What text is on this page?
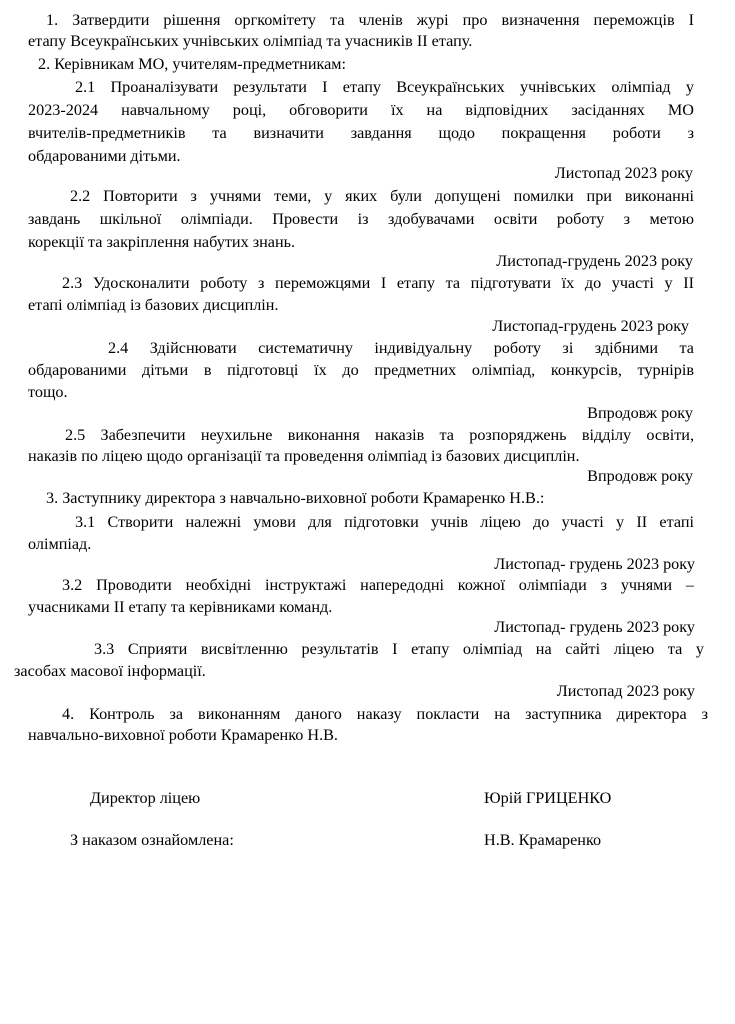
1. Затвердити рішення оргкомітету та членів журі про визначення переможців I
етапу Всеукраїнських учнівських олімпіад та учасників II етапу.
2. Керівникам МО, учителям-предметникам:
2.1 Проаналізувати результати I етапу Всеукраїнських учнівських олімпіад у
2023-2024 навчальному році, обговорити їх на відповідних засіданнях МО
вчителів-предметників та визначити завдання щодо покращення роботи з
обдарованими дітьми.
Листопад 2023 року
2.2 Повторити з учнями теми, у яких були допущені помилки при виконанні
завдань шкільної олімпіади. Провести із здобувачами освіти роботу з метою
корекції та закріплення набутих знань.
Листопад-грудень 2023 року
2.3 Удосконалити роботу з переможцями I етапу та підготувати їх до участі у II
етапі олімпіад із базових дисциплін.
Листопад-грудень 2023 року
2.4 Здійснювати систематичну індивідуальну роботу зі здібними та
обдарованими дітьми в підготовці їх до предметних олімпіад, конкурсів, турнірів
тощо.
Впродовж року
2.5 Забезпечити неухильне виконання наказів та розпоряджень відділу освіти,
наказів по ліцею щодо організації та проведення олімпіад із базових дисциплін.
Впродовж року
3. Заступнику директора з навчально-виховної роботи Крамаренко Н.В.:
3.1 Створити належні умови для підготовки учнів ліцею до участі у II етапі
олімпіад.
Листопад- грудень 2023 року
3.2 Проводити необхідні інструктажі напередодні кожної олімпіади з учнями –
учасниками II етапу та керівниками команд.
Листопад- грудень 2023 року
3.3 Сприяти висвітленню результатів I етапу олімпіад на сайті ліцею та у
засобах масової інформації.
Листопад 2023 року
4. Контроль за виконанням даного наказу покласти на заступника директора з
навчально-виховної роботи Крамаренко Н.В.
Директор ліцею	Юрій ГРИЦЕНКО
З наказом ознайомлена:	Н.В. Крамаренко
